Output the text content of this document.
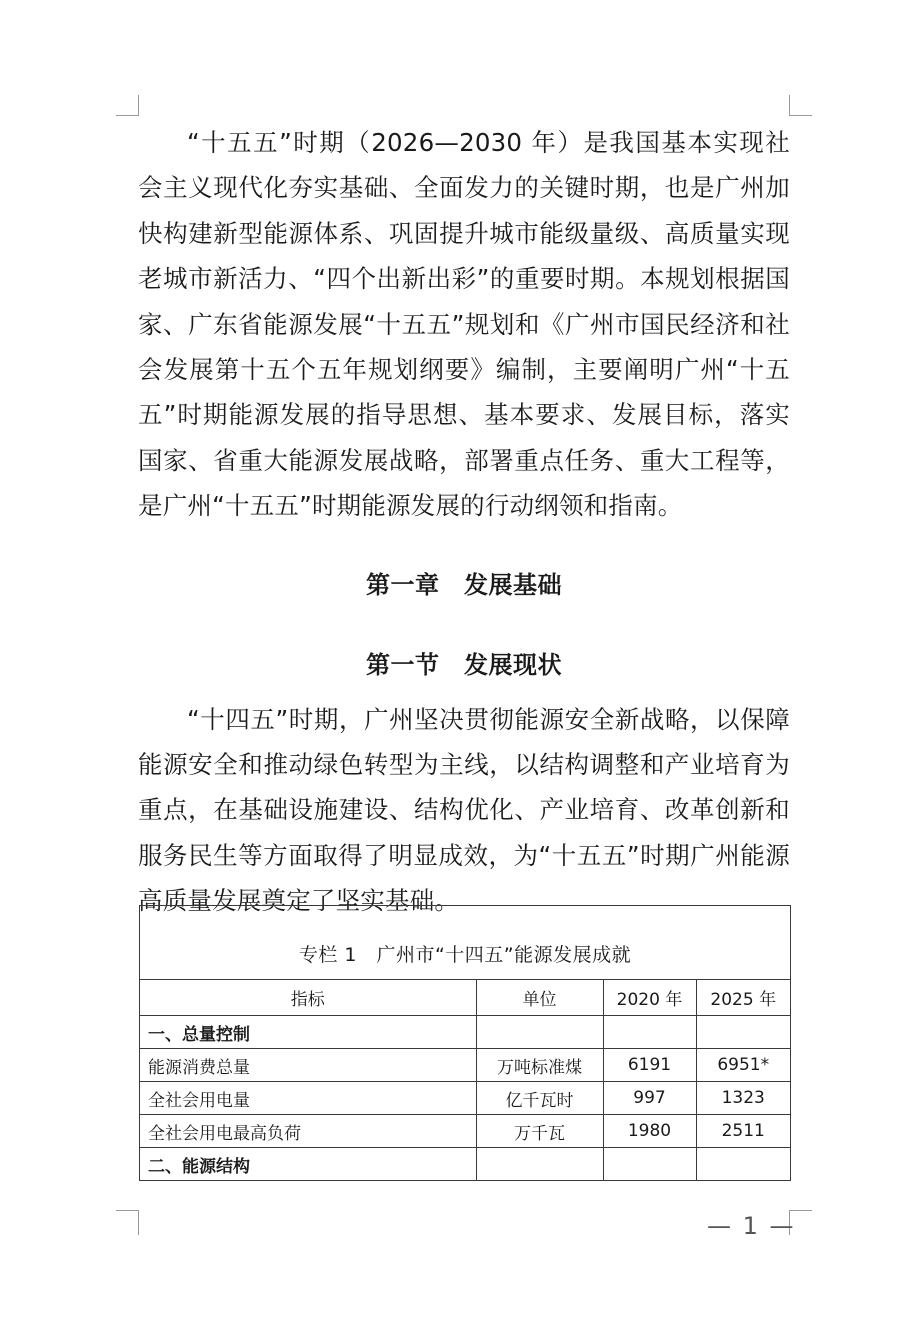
“十五五”时期（2026—2030 年）是我国基本实现社会主义现代化夯实基础、全面发力的关键时期，也是广州加快构建新型能源体系、巩固提升城市能级量级、高质量实现老城市新活力、“四个出新出彩”的重要时期。本规划根据国家、广东省能源发展“十五五”规划和《广州市国民经济和社会发展第十五个五年规划纲要》编制，主要阐明广州“十五五”时期能源发展的指导思想、基本要求、发展目标，落实国家、省重大能源发展战略，部署重点任务、重大工程等，是广州“十五五”时期能源发展的行动纲领和指南。

第一章　发展基础
第一节　发展现状

“十四五”时期，广州坚决贯彻能源安全新战略，以保障能源安全和推动绿色转型为主线，以结构调整和产业培育为重点，在基础设施建设、结构优化、产业培育、改革创新和服务民生等方面取得了明显成效，为“十五五”时期广州能源高质量发展奠定了坚实基础。

专栏 1　广州市“十四五”能源发展成就
指标	单位	2020 年	2025 年
一、总量控制			
能源消费总量	万吨标准煤	6191	6951*
全社会用电量	亿千瓦时	997	1323
全社会用电最高负荷	万千瓦	1980	2511
二、能源结构			
— 1 —
